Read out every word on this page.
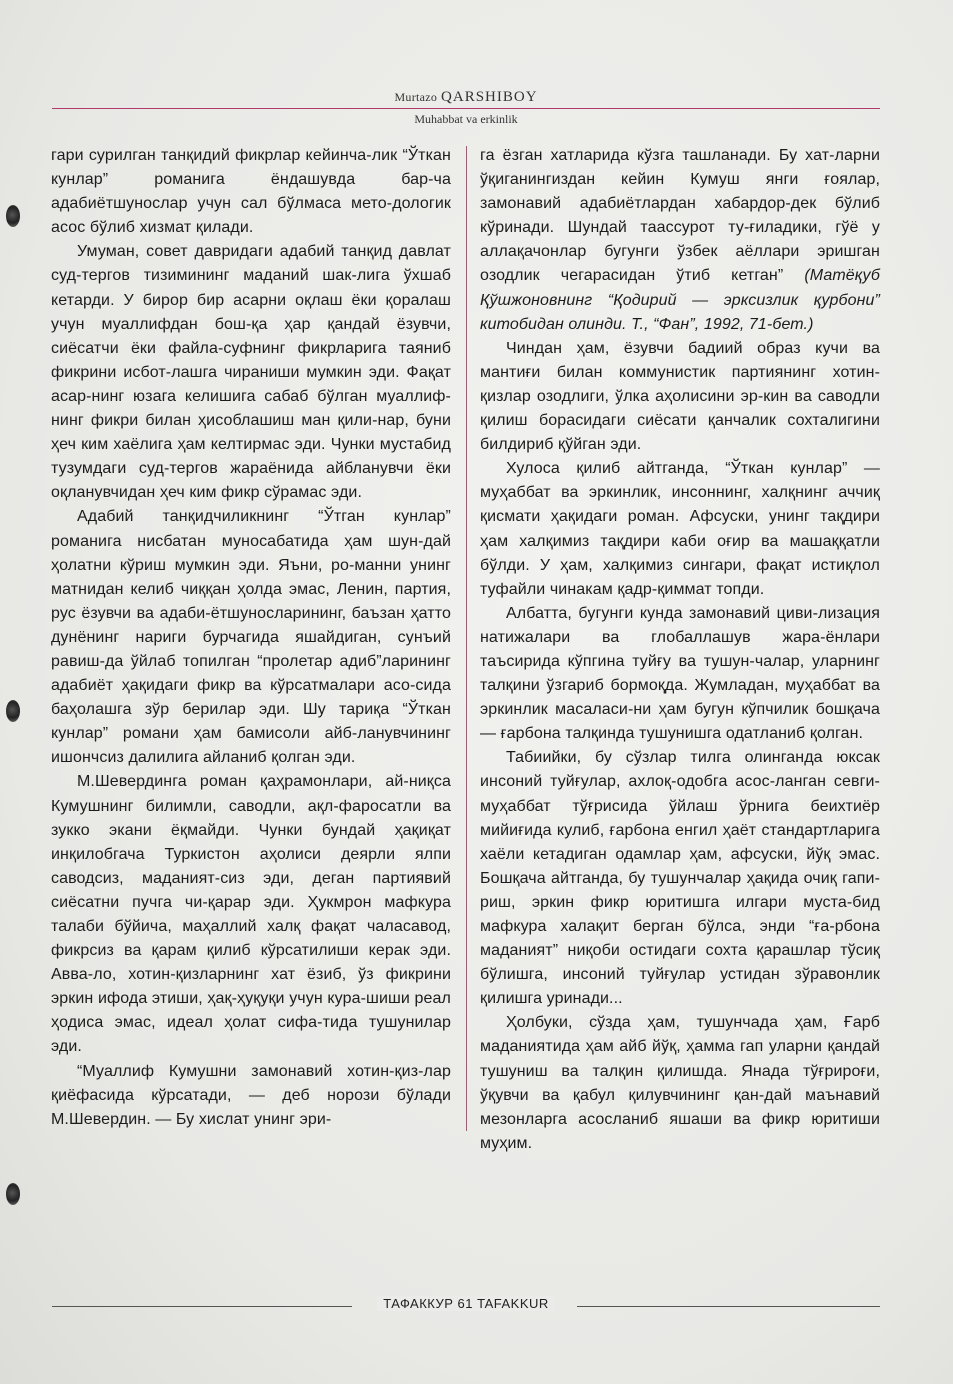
Murtazo QARSHIBOY
Muhabbat va erkinlik

гари сурилган танқидий фикрлар кейинча-лик “Ўткан кунлар” романига ёндашувда бар-ча адабиётшунослар учун сал бўлмаса мето-дологик асос бўлиб хизмат қилади.

Умуман, совет давридаги адабий танқид давлат суд-тергов тизимининг маданий шак-лига ўхшаб кетарди. У бирор бир асарни оқлаш ёки қоралаш учун муаллифдан бош-қа ҳар қандай ёзувчи, сиёсатчи ёки файла-суфнинг фикрларига таяниб фикрини исбот-лашга чираниши мумкин эди. Фақат асар-нинг юзага келишига сабаб бўлган муаллиф-нинг фикри билан ҳисоблашиш ман қили-нар, буни ҳеч ким хаёлига ҳам келтирмас эди. Чунки мустабид тузумдаги суд-тергов жараёнида айбланувчи ёки оқланувчидан ҳеч ким фикр сўрамас эди.

Адабий танқидчиликнинг “Ўтган кунлар” романига нисбатан муносабатида ҳам шун-дай ҳолатни кўриш мумкин эди. Яъни, ро-манни унинг матнидан келиб чиққан ҳолда эмас, Ленин, партия, рус ёзувчи ва адаби-ётшуносларининг, баъзан ҳатто дунёнинг нариги бурчагида яшайдиган, сунъий равиш-да ўйлаб топилган “пролетар адиб”ларининг адабиёт ҳақидаги фикр ва кўрсатмалари асо-сида баҳолашга зўр берилар эди. Шу тариқа “Ўткан кунлар” романи ҳам бамисоли айб-ланувчининг ишончсиз далилига айланиб қолган эди.

М.Шевердинга роман қаҳрамонлари, ай-ниқса Кумушнинг билимли, саводли, ақл-фаросатли ва зукко экани ёқмайди. Чунки бундай ҳақиқат инқилобгача Туркистон аҳолиси деярли ялпи саводсиз, маданият-сиз эди, деган партиявий сиёсатни пучга чи-қарар эди. Ҳукмрон мафкура талаби бўйича, маҳаллий халқ фақат чаласавод, фикрсиз ва қарам қилиб кўрсатилиши керак эди. Авва-ло, хотин-қизларнинг хат ёзиб, ўз фикрини эркин ифода этиши, ҳақ-ҳуқуқи учун кура-шиши реал ҳодиса эмас, идеал ҳолат сифа-тида тушунилар эди.

“Муаллиф Кумушни замонавий хотин-қиз-лар қиёфасида кўрсатади, — деб норози бўлади М.Шевердин. — Бу хислат унинг эри-

га ёзган хатларида кўзга ташланади. Бу хат-ларни ўқиганингиздан кейин Кумуш янги ғоялар, замонавий адабиётлардан хабардор-дек бўлиб кўринади. Шундай таассурот ту-ғиладики, гўё у аллақачонлар бугунги ўзбек аёллари эришган озодлик чегарасидан ўтиб кетган” (Матёқуб Қўшжоновнинг “Қодирий — эрксизлик қурбони” китобидан олинди. Т., “Фан”, 1992, 71-бет.)

Чиндан ҳам, ёзувчи бадиий образ кучи ва мантиғи билан коммунистик партиянинг хотин-қизлар озодлиги, ўлка аҳолисини эр-кин ва саводли қилиш борасидаги сиёсати қанчалик сохталигини билдириб қўйган эди.

Хулоса қилиб айтганда, “Ўткан кунлар” — муҳаббат ва эркинлик, инсоннинг, халқнинг аччиқ қисмати ҳақидаги роман. Афсуски, унинг тақдири ҳам халқимиз тақдири каби оғир ва машаққатли бўлди. У ҳам, халқимиз сингари, фақат истиқлол туфайли чинакам қадр-қиммат топди.

Албатта, бугунги кунда замонавий циви-лизация натижалари ва глобаллашув жара-ёнлари таъсирида кўпгина туйғу ва тушун-чалар, уларнинг талқини ўзгариб бормоқда. Жумладан, муҳаббат ва эркинлик масаласи-ни ҳам бугун кўпчилик бошқача — ғарбона талқинда тушунишга одатланиб қолган.

Табиийки, бу сўзлар тилга олинганда юксак инсоний туйғулар, ахлоқ-одобга асос-ланган севги-муҳаббат тўғрисида ўйлаш ўрнига беихтиёр мийиғида кулиб, ғарбона енгил ҳаёт стандартларига хаёли кетадиган одамлар ҳам, афсуски, йўқ эмас. Бошқача айтганда, бу тушунчалар ҳақида очиқ гапи-риш, эркин фикр юритишга илгари муста-бид мафкура халақит берган бўлса, энди “ға-рбона маданият” ниқоби остидаги сохта қарашлар тўсиқ бўлишга, инсоний туйғулар устидан зўравонлик қилишга уринади...

Ҳолбуки, сўзда ҳам, тушунчада ҳам, Ғарб маданиятида ҳам айб йўқ, ҳамма гап уларни қандай тушуниш ва талқин қилишда. Янада тўғрироғи, ўқувчи ва қабул қилувчининг қан-дай маънавий мезонларга асосланиб яшаши ва фикр юритиши муҳим.

ТАФАККУР 61 TAFAKKUR
